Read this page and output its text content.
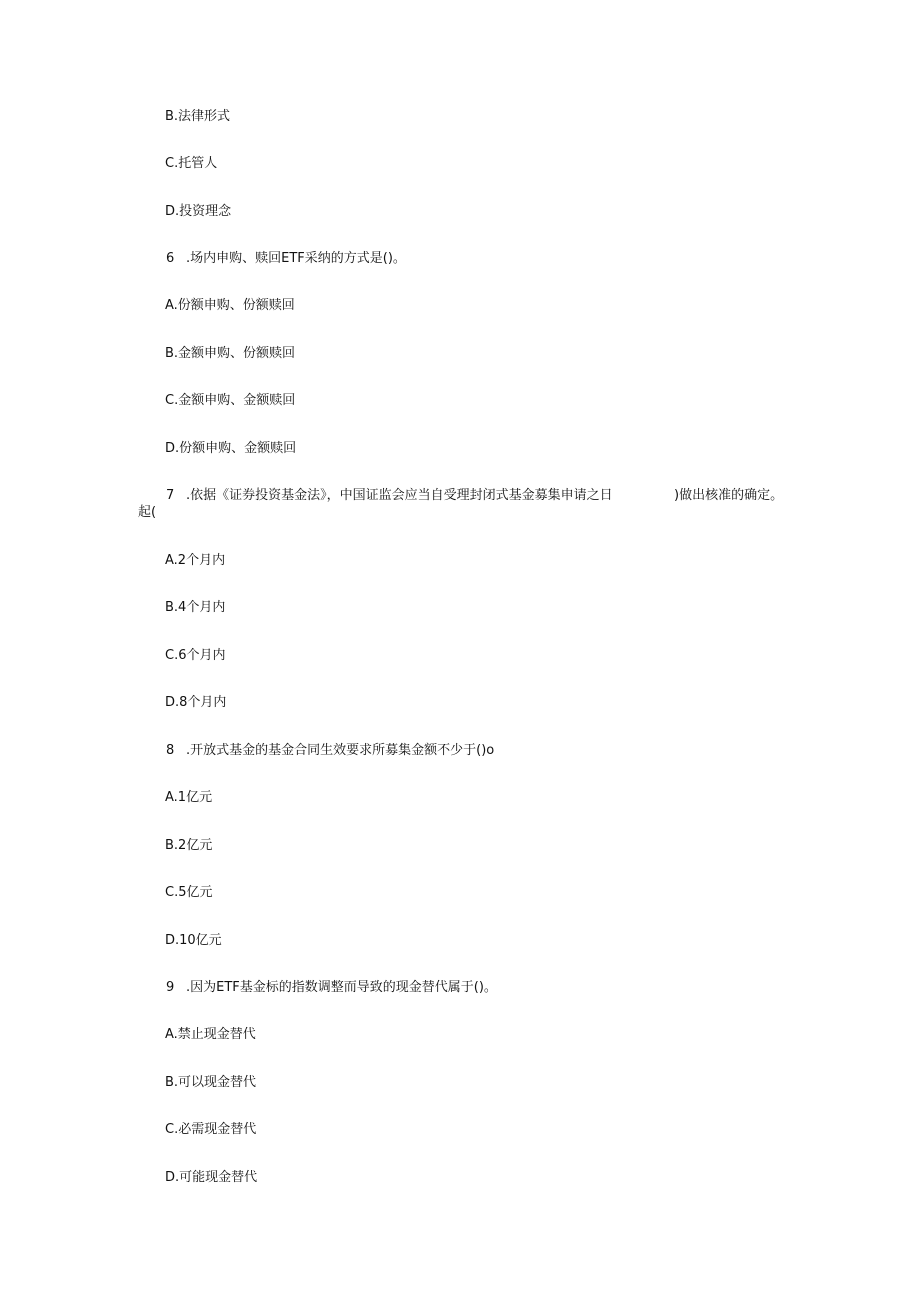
B.法律形式
C.托管人
D.投资理念
6 .场内申购、赎回ETF采纳的方式是()。
A.份额申购、份额赎回
B.金额申购、份额赎回
C.金额申购、金额赎回
D.份额申购、金额赎回
7 .依据《证券投资基金法》，中国证监会应当自受理封闭式基金募集申请之日	)做出核准的确定。
起(
A.2个月内
B.4个月内
C.6个月内
D.8个月内
8 .开放式基金的基金合同生效要求所募集金额不少于()o
A.1亿元
B.2亿元
C.5亿元
D.10亿元
9 .因为ETF基金标的指数调整而导致的现金替代属于()。
A.禁止现金替代
B.可以现金替代
C.必需现金替代
D.可能现金替代
